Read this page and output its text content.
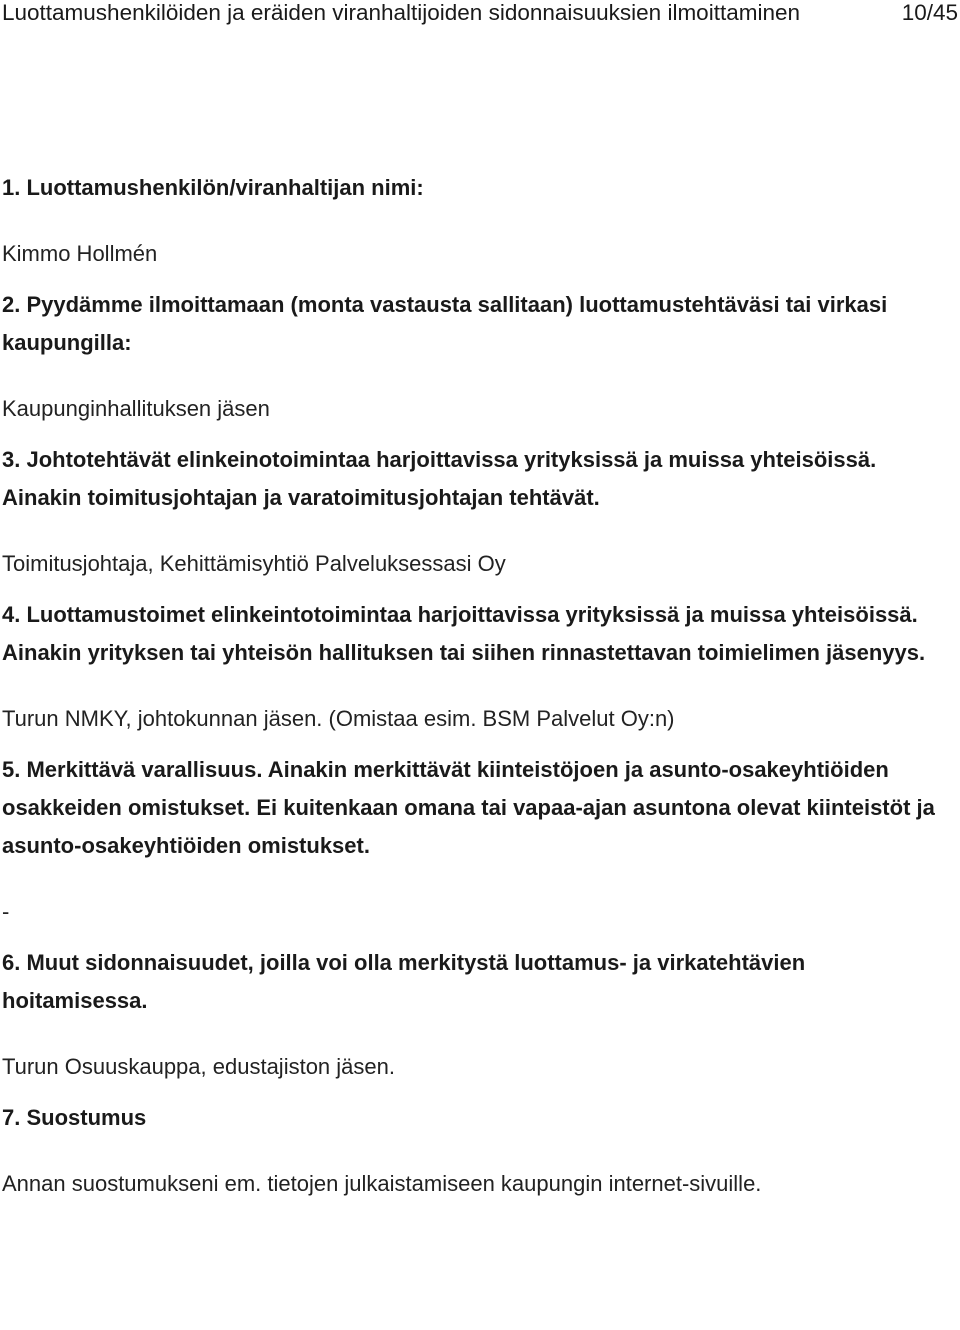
Luottamushenkilöiden ja eräiden viranhaltijoiden sidonnaisuuksien ilmoittaminen	10/45

1. Luottamushenkilön/viranhaltijan nimi:

Kimmo Hollmén

2. Pyydämme ilmoittamaan (monta vastausta sallitaan) luottamustehtäväsi tai virkasi kaupungilla:

Kaupunginhallituksen jäsen

3. Johtotehtävät elinkeinotoimintaa harjoittavissa yrityksissä ja muissa yhteisöissä. Ainakin toimitusjohtajan ja varatoimitusjohtajan tehtävät.

Toimitusjohtaja, Kehittämisyhtiö Palveluksessasi Oy

4. Luottamustoimet elinkeintotoimintaa harjoittavissa yrityksissä ja muissa yhteisöissä. Ainakin yrityksen tai yhteisön hallituksen tai siihen rinnastettavan toimielimen jäsenyys.

Turun NMKY, johtokunnan jäsen. (Omistaa esim. BSM Palvelut Oy:n)

5. Merkittävä varallisuus. Ainakin merkittävät kiinteistöjoen ja asunto-osakeyhtiöiden osakkeiden omistukset. Ei kuitenkaan omana tai vapaa-ajan asuntona olevat kiinteistöt ja asunto-osakeyhtiöiden omistukset.

-

6. Muut sidonnaisuudet, joilla voi olla merkitystä luottamus- ja virkatehtävien hoitamisessa.

Turun Osuuskauppa, edustajiston jäsen.

7. Suostumus

Annan suostumukseni em. tietojen julkaistamiseen kaupungin internet-sivuille.
